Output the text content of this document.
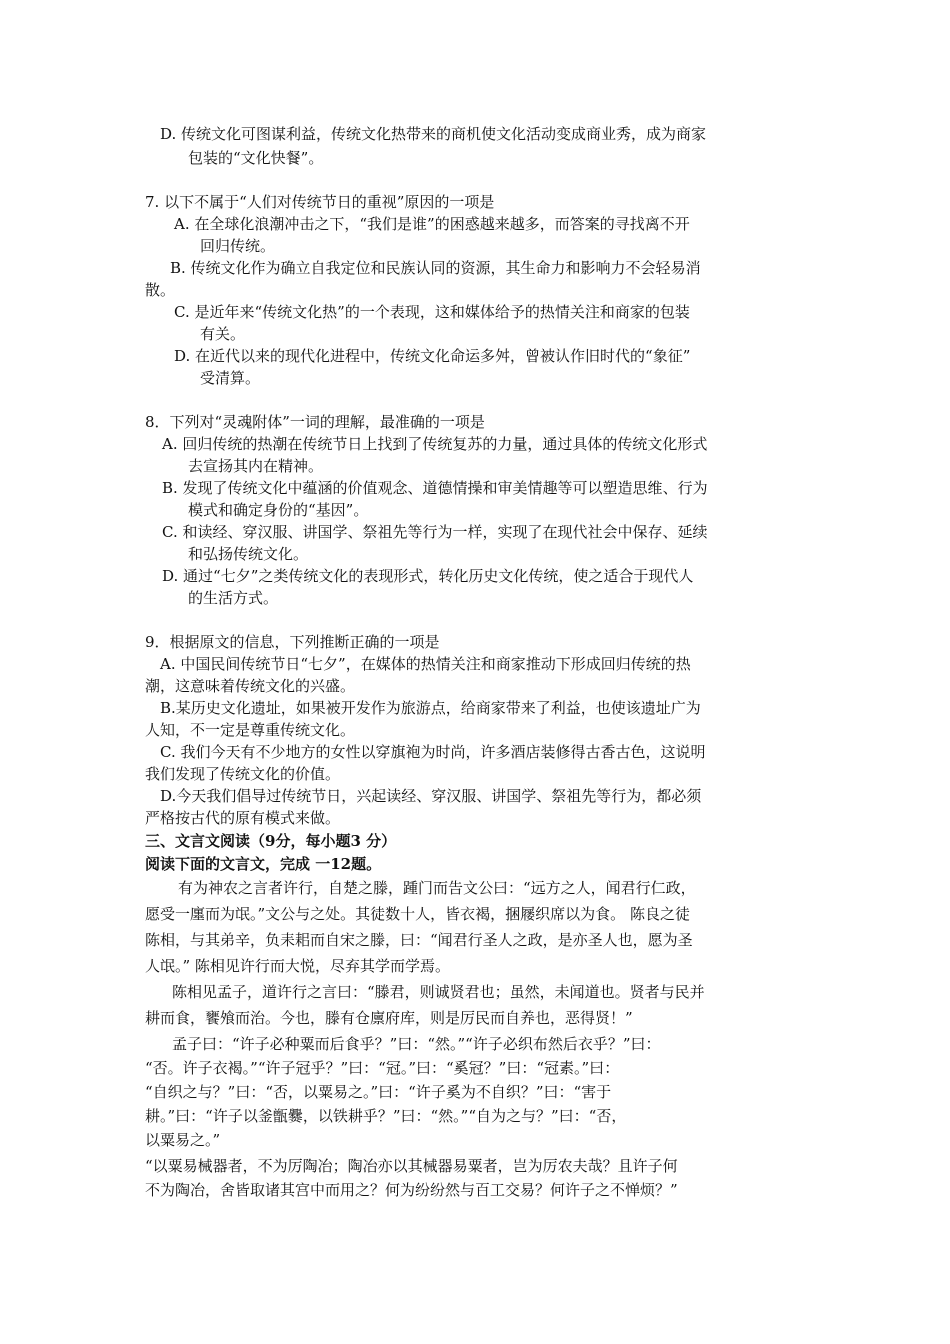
D. 传统文化可图谋利益，传统文化热带来的商机使文化活动变成商业秀，成为商家
包装的“文化快餐”。
7. 以下不属于“人们对传统节日的重视”原因的一项是
A. 在全球化浪潮冲击之下，“我们是谁”的困惑越来越多，而答案的寻找离不开
回归传统。
B. 传统文化作为确立自我定位和民族认同的资源，其生命力和影响力不会轻易消
散。
C. 是近年来“传统文化热”的一个表现，这和媒体给予的热情关注和商家的包装
有关。
D. 在近代以来的现代化进程中，传统文化命运多舛，曾被认作旧时代的“象征”
受清算。
8．下列对“灵魂附体”一词的理解，最准确的一项是
A. 回归传统的热潮在传统节日上找到了传统复苏的力量，通过具体的传统文化形式
去宣扬其内在精神。
B. 发现了传统文化中蕴涵的价值观念、道德情操和审美情趣等可以塑造思维、行为
模式和确定身份的“基因”。
C. 和读经、穿汉服、讲国学、祭祖先等行为一样，实现了在现代社会中保存、延续
和弘扬传统文化。
D. 通过“七夕”之类传统文化的表现形式，转化历史文化传统，使之适合于现代人
的生活方式。
9．根据原文的信息，下列推断正确的一项是
A. 中国民间传统节日“七夕”，在媒体的热情关注和商家推动下形成回归传统的热
潮，这意味着传统文化的兴盛。
B.某历史文化遗址，如果被开发作为旅游点，给商家带来了利益，也使该遗址广为
人知，不一定是尊重传统文化。
C. 我们今天有不少地方的女性以穿旗袍为时尚，许多酒店装修得古香古色，这说明
我们发现了传统文化的价值。
D.今天我们倡导过传统节日，兴起读经、穿汉服、讲国学、祭祖先等行为，都必须
严格按古代的原有模式来做。
三、文言文阅读（9分，每小题3 分）
阅读下面的文言文，完成 一12题。
有为神农之言者许行，自楚之滕，踵门而告文公曰：“远方之人，闻君行仁政，
愿受一廛而为氓。”文公与之处。其徒数十人，皆衣褐，捆屦织席以为食。 陈良之徒
陈相，与其弟辛，负耒耜而自宋之滕，曰：“闻君行圣人之政，是亦圣人也，愿为圣
人氓。” 陈相见许行而大悦，尽弃其学而学焉。
陈相见孟子，道许行之言曰：“滕君，则诚贤君也；虽然，未闻道也。贤者与民并
耕而食，饔飧而治。今也，滕有仓廪府库，则是厉民而自养也，恶得贤！”
孟子曰：“许子必种粟而后食乎？”曰：“然。”“许子必织布然后衣乎？”曰：
“否。许子衣褐。”“许子冠乎？”曰：“冠。”曰：“奚冠？”曰：“冠素。”曰：
“自织之与？”曰：“否，以粟易之。”曰：“许子奚为不自织？”曰：“害于
耕。”曰：“许子以釜甑爨，以铁耕乎？”曰：“然。”“自为之与？”曰：“否，
以粟易之。”
“以粟易械器者，不为厉陶冶；陶冶亦以其械器易粟者，岂为厉农夫哉？且许子何
不为陶冶，舍皆取诸其宫中而用之？何为纷纷然与百工交易？何许子之不惮烦？”
